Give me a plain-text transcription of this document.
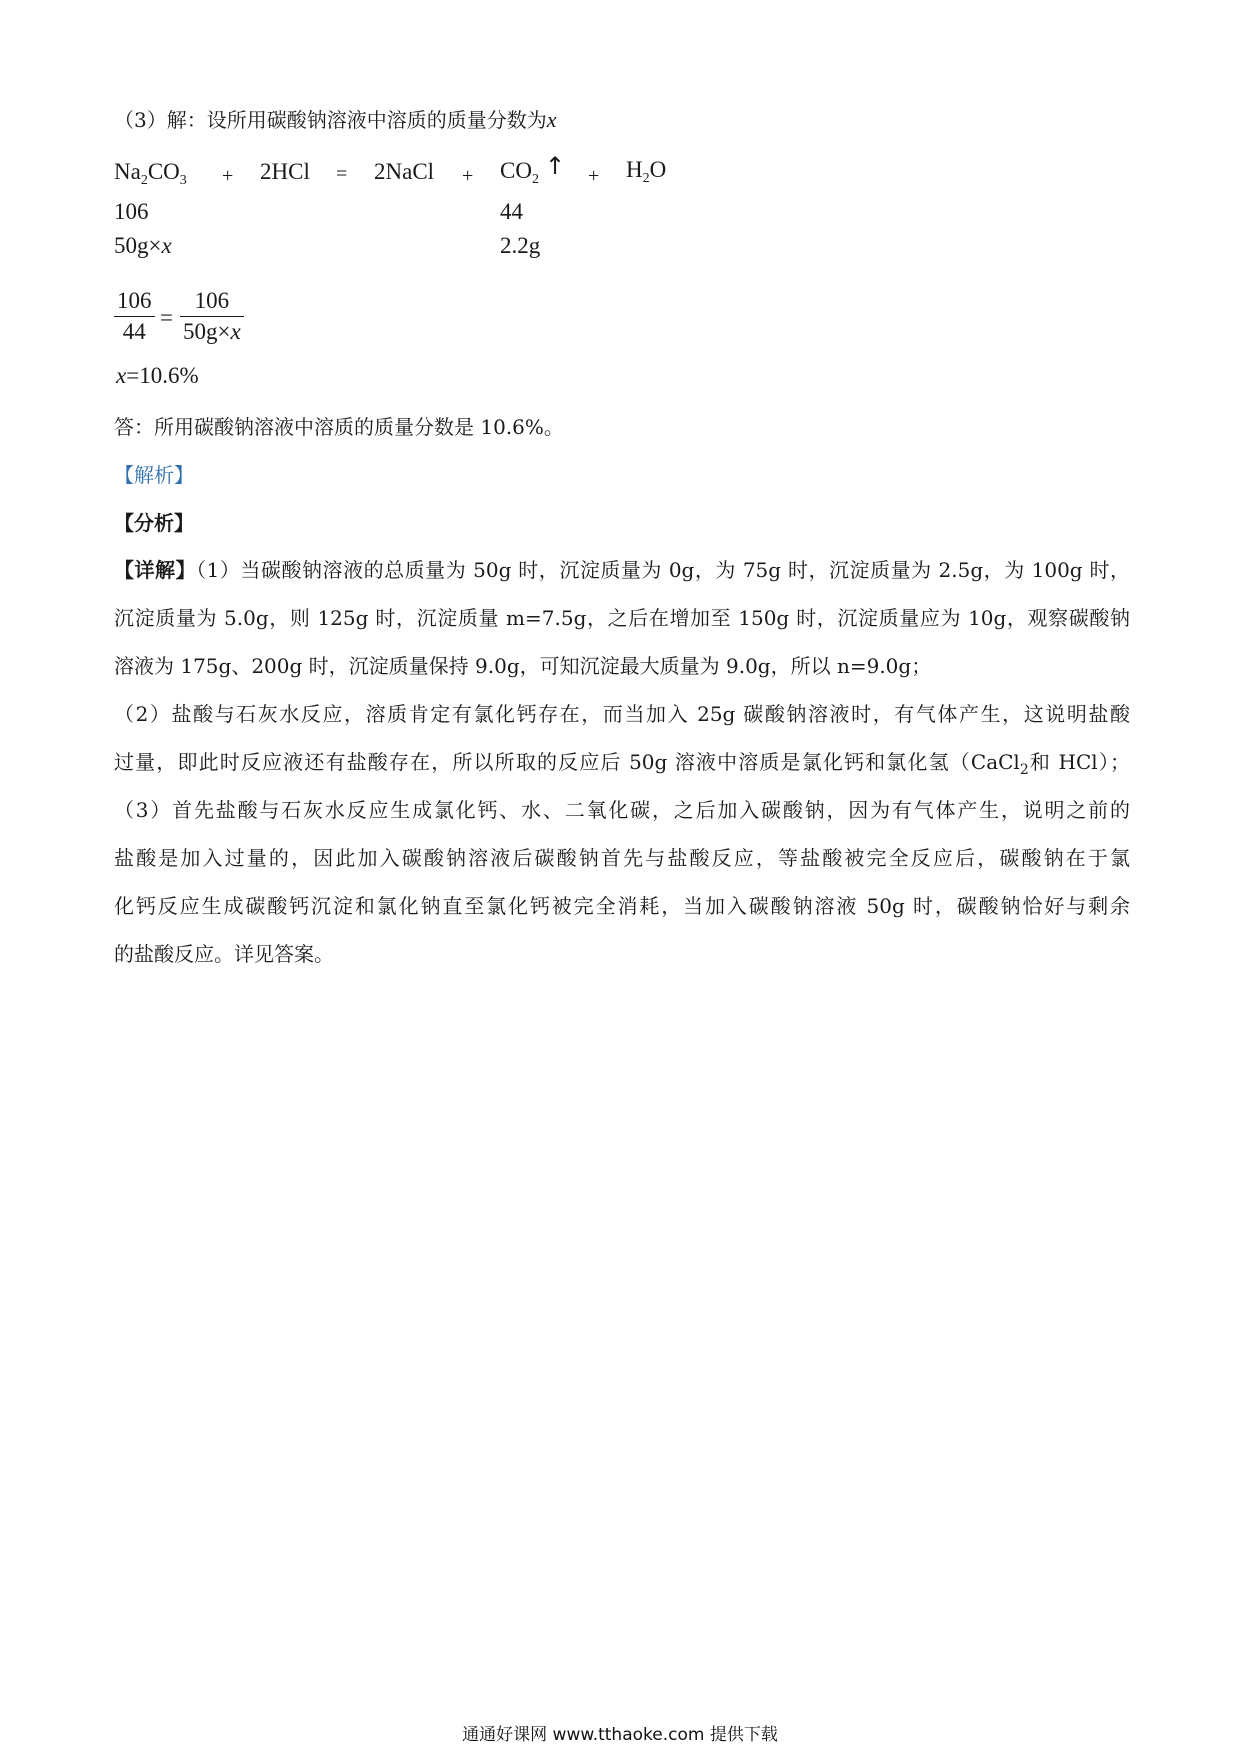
（3）解：设所用碳酸钠溶液中溶质的质量分数为x
$Na_2CO_3 + 2HCl$ = 2NaCl + $CO_2$ ↑ + $H_2O$
106	44
50g×x	2.2g
106
44
=
106
50g×x
x=10.6%
答：所用碳酸钠溶液中溶质的质量分数是 10.6%。
【解析】
【分析】
【详解】（1）当碳酸钠溶液的总质量为 50g 时，沉淀质量为 0g，为 75g 时，沉淀质量为 2.5g，为 100g 时，
沉淀质量为 5.0g，则 125g 时，沉淀质量 m=7.5g，之后在增加至 150g 时，沉淀质量应为 10g，观察碳酸钠
溶液为 175g、200g 时，沉淀质量保持 9.0g，可知沉淀最大质量为 9.0g，所以 n=9.0g；
（2）盐酸与石灰水反应，溶质肯定有氯化钙存在，而当加入 25g 碳酸钠溶液时，有气体产生，这说明盐酸
过量，即此时反应液还有盐酸存在，所以所取的反应后 50g 溶液中溶质是氯化钙和氯化氢（CaCl$_2$和 HCl）；
（3）首先盐酸与石灰水反应生成氯化钙、水、二氧化碳，之后加入碳酸钠，因为有气体产生，说明之前的
盐酸是加入过量的，因此加入碳酸钠溶液后碳酸钠首先与盐酸反应，等盐酸被完全反应后，碳酸钠在于氯
化钙反应生成碳酸钙沉淀和氯化钠直至氯化钙被完全消耗，当加入碳酸钠溶液 50g 时，碳酸钠恰好与剩余
的盐酸反应。详见答案。
通通好课网 www.tthaoke.com 提供下载
